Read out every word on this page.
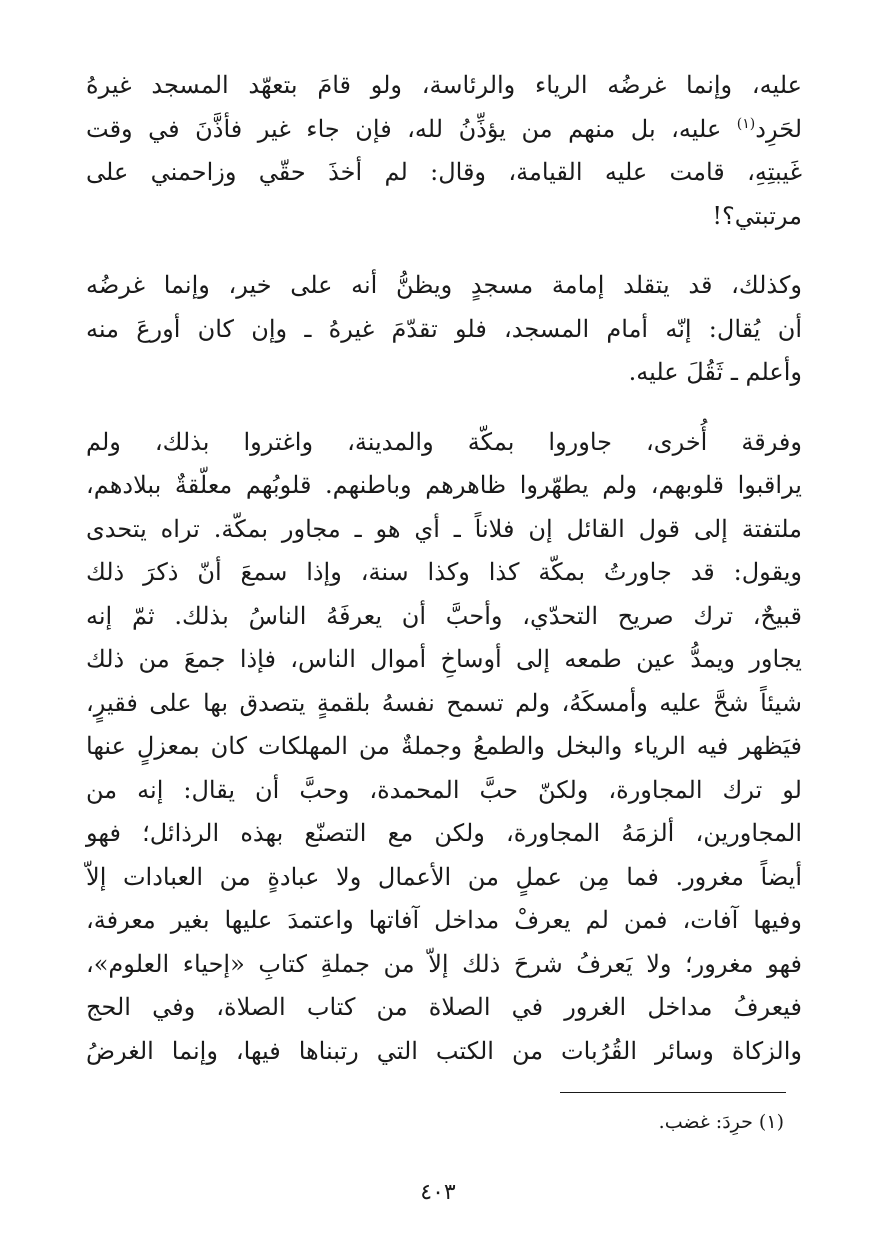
عليه، وإنما غرضُه الرياء والرئاسة، ولو قامَ بتعهّد المسجد غيرهُ
لحَرِد$^{(١)}$ عليه، بل منهم من يؤذِّنُ لله، فإن جاء غير فأذَّنَ في وقت
غَيبتِهِ، قامت عليه القيامة، وقال: لم أخذَ حقّي وزاحمني على
مرتبتي؟!
وكذلك، قد يتقلد إمامة مسجدٍ ويظنُّ أنه على خير، وإنما غرضُه
أن يُقال: إنّه أمام المسجد، فلو تقدّمَ غيرهُ ـ وإن كان أورعَ منه
وأعلم ـ ثَقُلَ عليه.
وفرقة أُخرى، جاوروا بمكّة والمدينة، واغتروا بذلك، ولم
يراقبوا قلوبهم، ولم يطهّروا ظاهرهم وباطنهم. قلوبُهم معلّقةٌ ببلادهم،
ملتفتة إلى قول القائل إن فلاناً ـ أي هو ـ مجاور بمكّة. تراه يتحدى
ويقول: قد جاورتُ بمكّة كذا وكذا سنة، وإذا سمعَ أنّ ذكرَ ذلك
قبيحٌ، ترك صريح التحدّي، وأحبَّ أن يعرفَهُ الناسُ بذلك. ثمّ إنه
يجاور ويمدُّ عين طمعه إلى أوساخِ أموال الناس، فإذا جمعَ من ذلك
شيئاً شحَّ عليه وأمسكَهُ، ولم تسمح نفسهُ بلقمةٍ يتصدق بها على فقيرٍ،
فيَظهر فيه الرياء والبخل والطمعُ وجملةٌ من المهلكات كان بمعزلٍ عنها
لو ترك المجاورة، ولكنّ حبَّ المحمدة، وحبَّ أن يقال: إنه من
المجاورين، ألزمَهُ المجاورة، ولكن مع التصنّع بهذه الرذائل؛ فهو
أيضاً مغرور. فما مِن عملٍ من الأعمال ولا عبادةٍ من العبادات إلاّ
وفيها آفات، فمن لم يعرفْ مداخل آفاتها واعتمدَ عليها بغير معرفة،
فهو مغرور؛ ولا يَعرفُ شرحَ ذلك إلاّ من جملةِ كتابِ «إحياء العلوم»،
فيعرفُ مداخل الغرور في الصلاة من كتاب الصلاة، وفي الحج
والزكاة وسائر القُرُبات من الكتب التي رتبناها فيها، وإنما الغرضُ
(١) حرِدَ: غضب.
٤٠٣
